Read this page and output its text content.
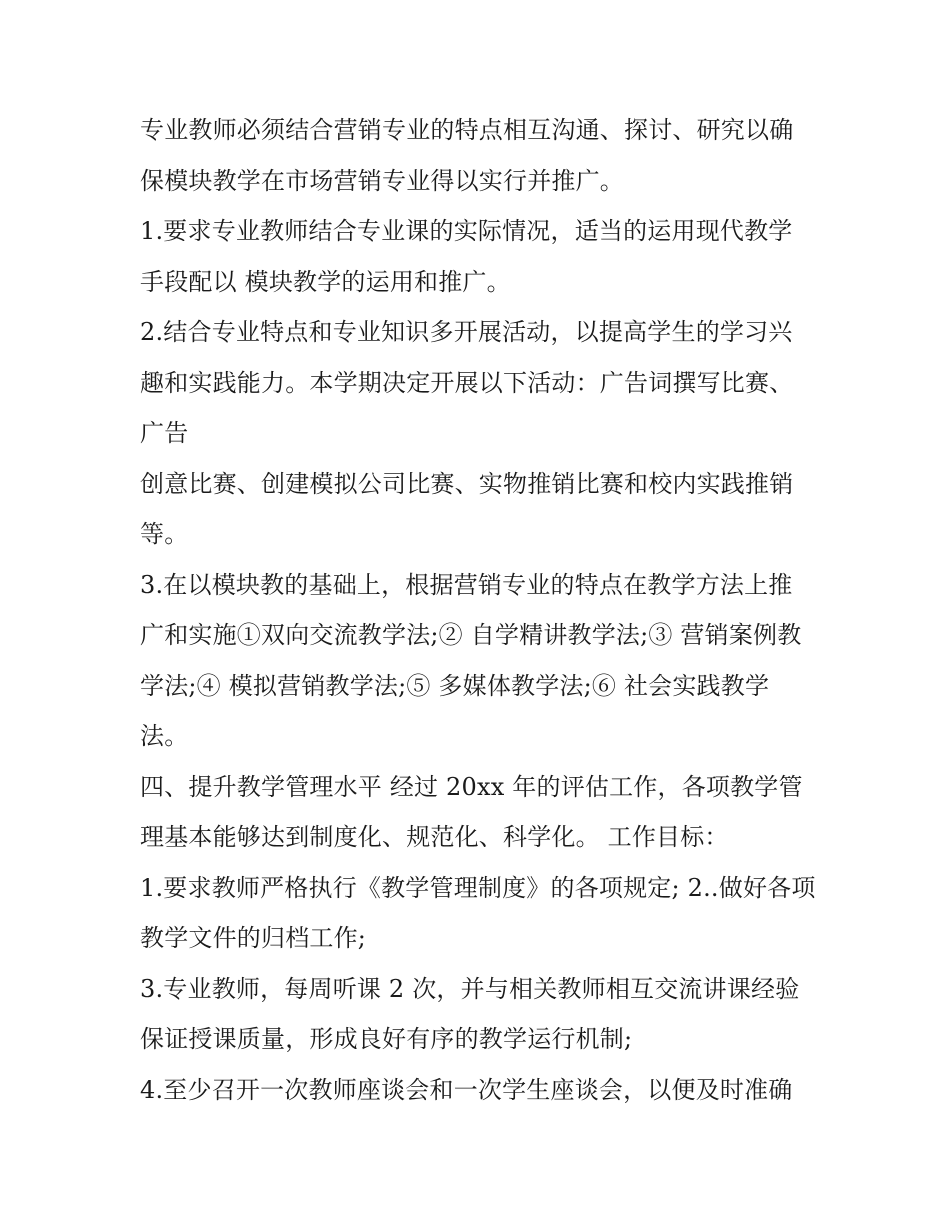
专业教师必须结合营销专业的特点相互沟通、探讨、研究以确
保模块教学在市场营销专业得以实行并推广。
1.要求专业教师结合专业课的实际情况，适当的运用现代教学
手段配以 模块教学的运用和推广。
2.结合专业特点和专业知识多开展活动，以提高学生的学习兴
趣和实践能力。本学期决定开展以下活动：广告词撰写比赛、
广告
创意比赛、创建模拟公司比赛、实物推销比赛和校内实践推销
等。
3.在以模块教的基础上，根据营销专业的特点在教学方法上推
广和实施①双向交流教学法;② 自学精讲教学法;③ 营销案例教
学法;④ 模拟营销教学法;⑤ 多媒体教学法;⑥ 社会实践教学
法。
四、提升教学管理水平 经过 20xx 年的评估工作，各项教学管
理基本能够达到制度化、规范化、科学化。 工作目标：
1.要求教师严格执行《教学管理制度》的各项规定; 2..做好各项
教学文件的归档工作;
3.专业教师，每周听课 2 次，并与相关教师相互交流讲课经验
保证授课质量，形成良好有序的教学运行机制;
4.至少召开一次教师座谈会和一次学生座谈会，以便及时准确
